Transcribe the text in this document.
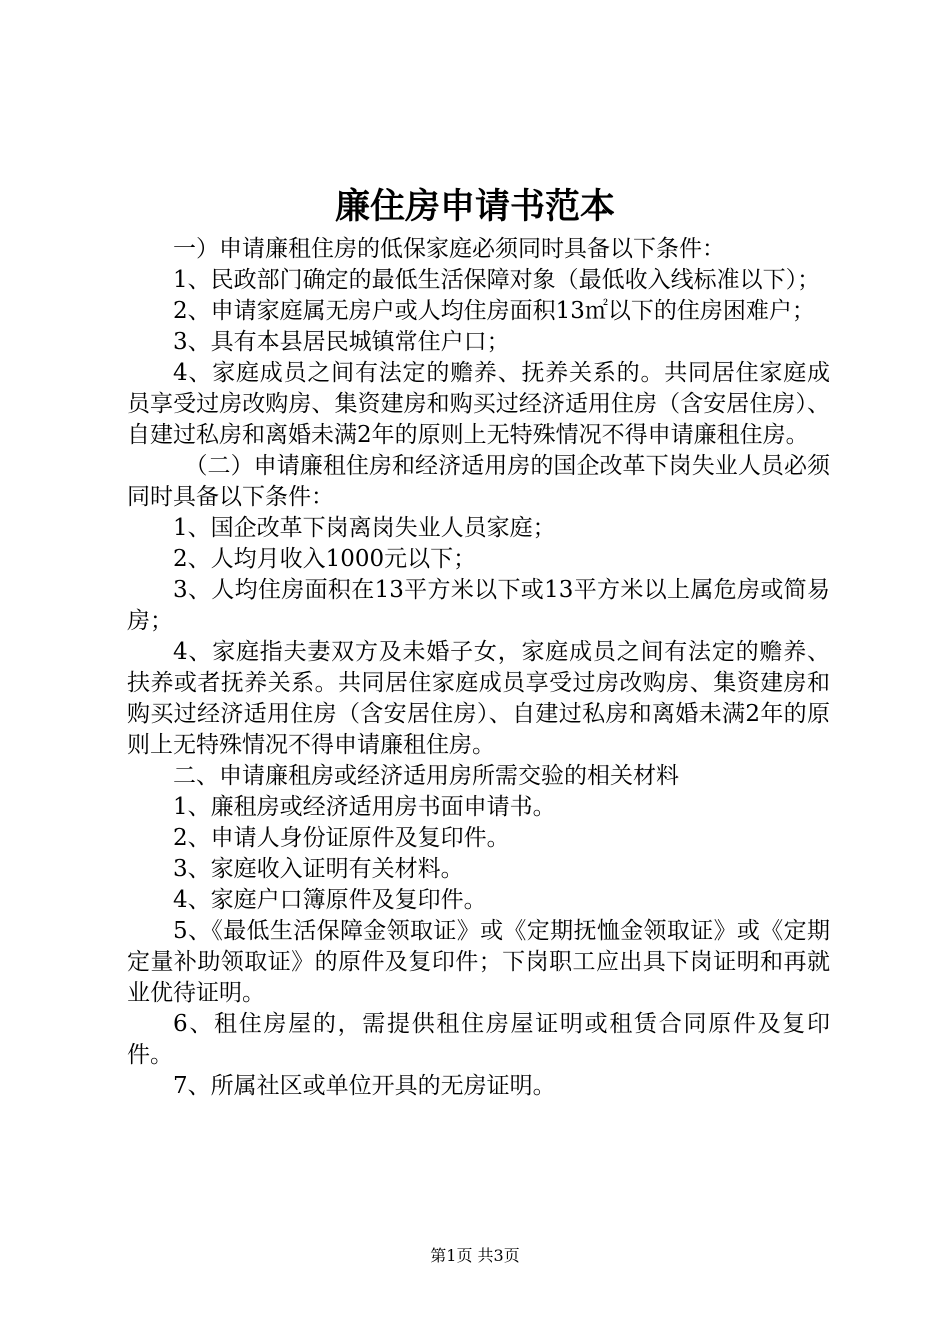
廉住房申请书范本

一）申请廉租住房的低保家庭必须同时具备以下条件：

1、民政部门确定的最低生活保障对象（最低收入线标准以下）；

2、申请家庭属无房户或人均住房面积13㎡以下的住房困难户；

3、具有本县居民城镇常住户口；

4、家庭成员之间有法定的赡养、抚养关系的。共同居住家庭成员享受过房改购房、集资建房和购买过经济适用住房（含安居住房）、自建过私房和离婚未满2年的原则上无特殊情况不得申请廉租住房。

（二）申请廉租住房和经济适用房的国企改革下岗失业人员必须同时具备以下条件：

1、国企改革下岗离岗失业人员家庭；

2、人均月收入1000元以下；

3、人均住房面积在13平方米以下或13平方米以上属危房或简易房；

4、家庭指夫妻双方及未婚子女，家庭成员之间有法定的赡养、扶养或者抚养关系。共同居住家庭成员享受过房改购房、集资建房和购买过经济适用住房（含安居住房）、自建过私房和离婚未满2年的原则上无特殊情况不得申请廉租住房。

二、申请廉租房或经济适用房所需交验的相关材料

1、廉租房或经济适用房书面申请书。

2、申请人身份证原件及复印件。

3、家庭收入证明有关材料。

4、家庭户口簿原件及复印件。

5、《最低生活保障金领取证》或《定期抚恤金领取证》或《定期定量补助领取证》的原件及复印件；下岗职工应出具下岗证明和再就业优待证明。

6、租住房屋的，需提供租住房屋证明或租赁合同原件及复印件。

7、所属社区或单位开具的无房证明。

第1页 共3页
